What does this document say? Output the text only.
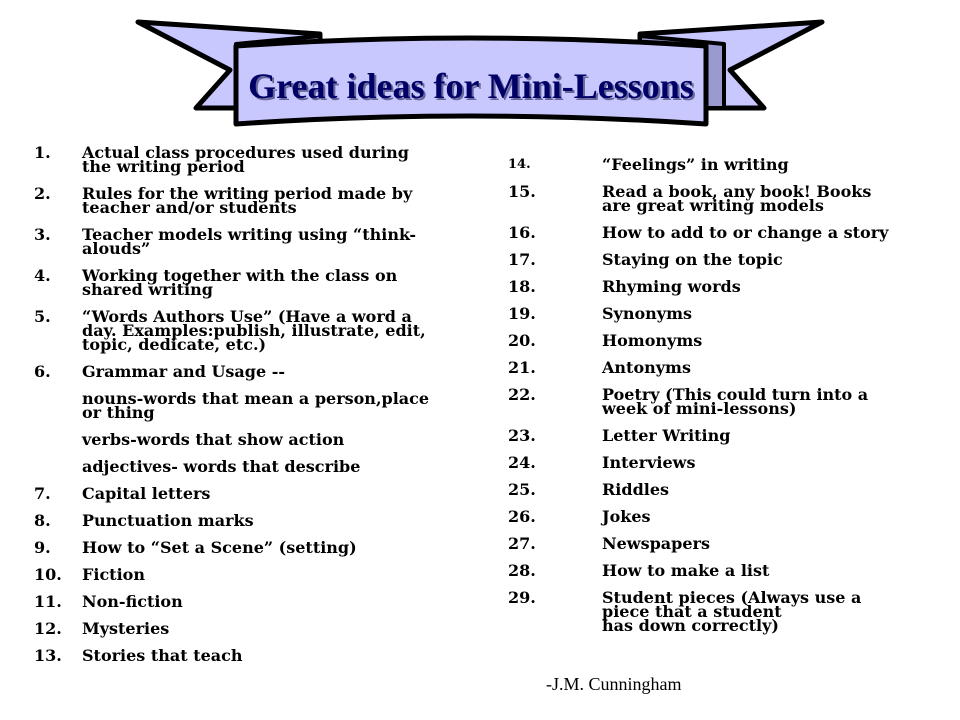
Great ideas for Mini-Lessons
1.	Actual class procedures used during
the writing period
2.	Rules for the writing period made by
teacher and/or students
3.	Teacher models writing using “think-
alouds”
4.	Working together with the class on
shared writing
5.	“Words Authors Use” (Have a word a
day. Examples:publish, illustrate, edit,
topic, dedicate, etc.)
6.	Grammar and Usage --
nouns-words that mean a person,place
or thing
verbs-words that show action
adjectives- words that describe
7.	Capital letters
8.	Punctuation marks
9.	How to “Set a Scene” (setting)
10.	Fiction
11.	Non-fiction
12.	Mysteries
13.	Stories that teach
14.	“Feelings” in writing
15.	Read a book, any book! Books
are great writing models
16.	How to add to or change a story
17.	Staying on the topic
18.	Rhyming words
19.	Synonyms
20.	Homonyms
21.	Antonyms
22.	Poetry (This could turn into a
week of mini-lessons)
23.	Letter Writing
24.	Interviews
25.	Riddles
26.	Jokes
27.	Newspapers
28.	How to make a list
29.	Student pieces (Always use a
piece that a student
has down correctly)
-J.M. Cunningham
